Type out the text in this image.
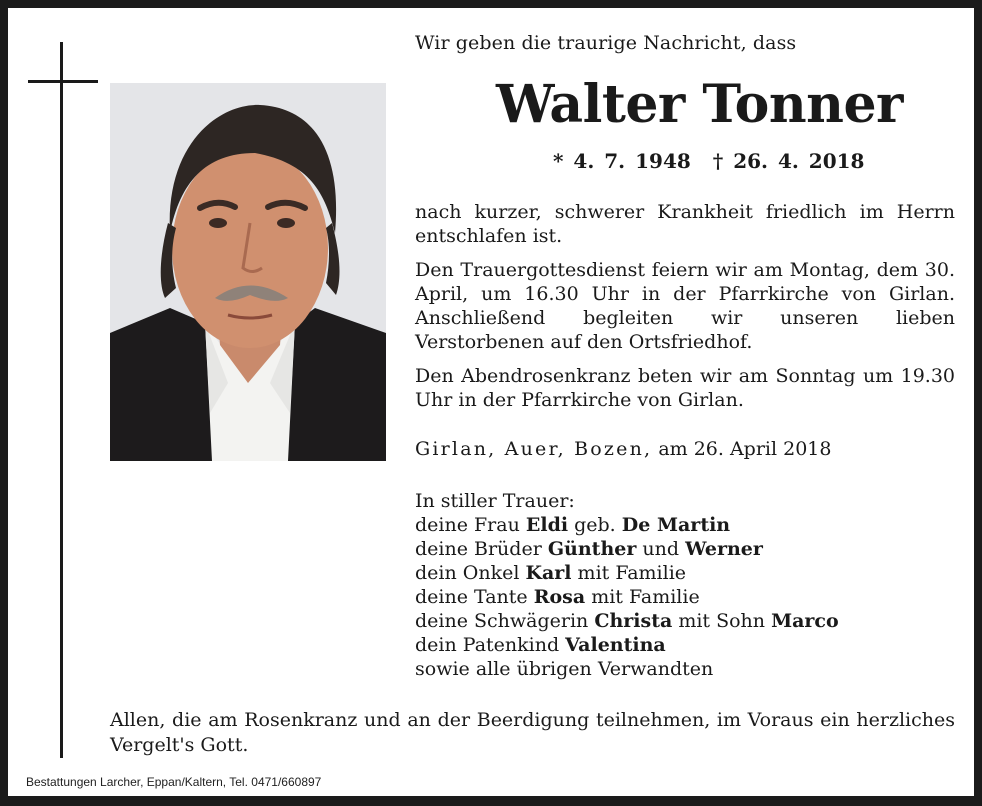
Wir geben die traurige Nachricht, dass
Walter Tonner
* 4. 7. 1948 † 26. 4. 2018
nach kurzer, schwerer Krankheit friedlich im Herrn entschlafen ist.
Den Trauergottesdienst feiern wir am Montag, dem 30. April, um 16.30 Uhr in der Pfarrkirche von Girlan. Anschließend begleiten wir unseren lieben Verstorbenen auf den Ortsfriedhof.
Den Abendrosenkranz beten wir am Sonntag um 19.30 Uhr in der Pfarrkirche von Girlan.
Girlan, Auer, Bozen, am 26. April 2018
In stiller Trauer:
deine Frau Eldi geb. De Martin
deine Brüder Günther und Werner
dein Onkel Karl mit Familie
deine Tante Rosa mit Familie
deine Schwägerin Christa mit Sohn Marco
dein Patenkind Valentina
sowie alle übrigen Verwandten
Allen, die am Rosenkranz und an der Beerdigung teilnehmen, im Voraus ein herzliches Vergelt's Gott.
Bestattungen Larcher, Eppan/Kaltern, Tel. 0471/660897
